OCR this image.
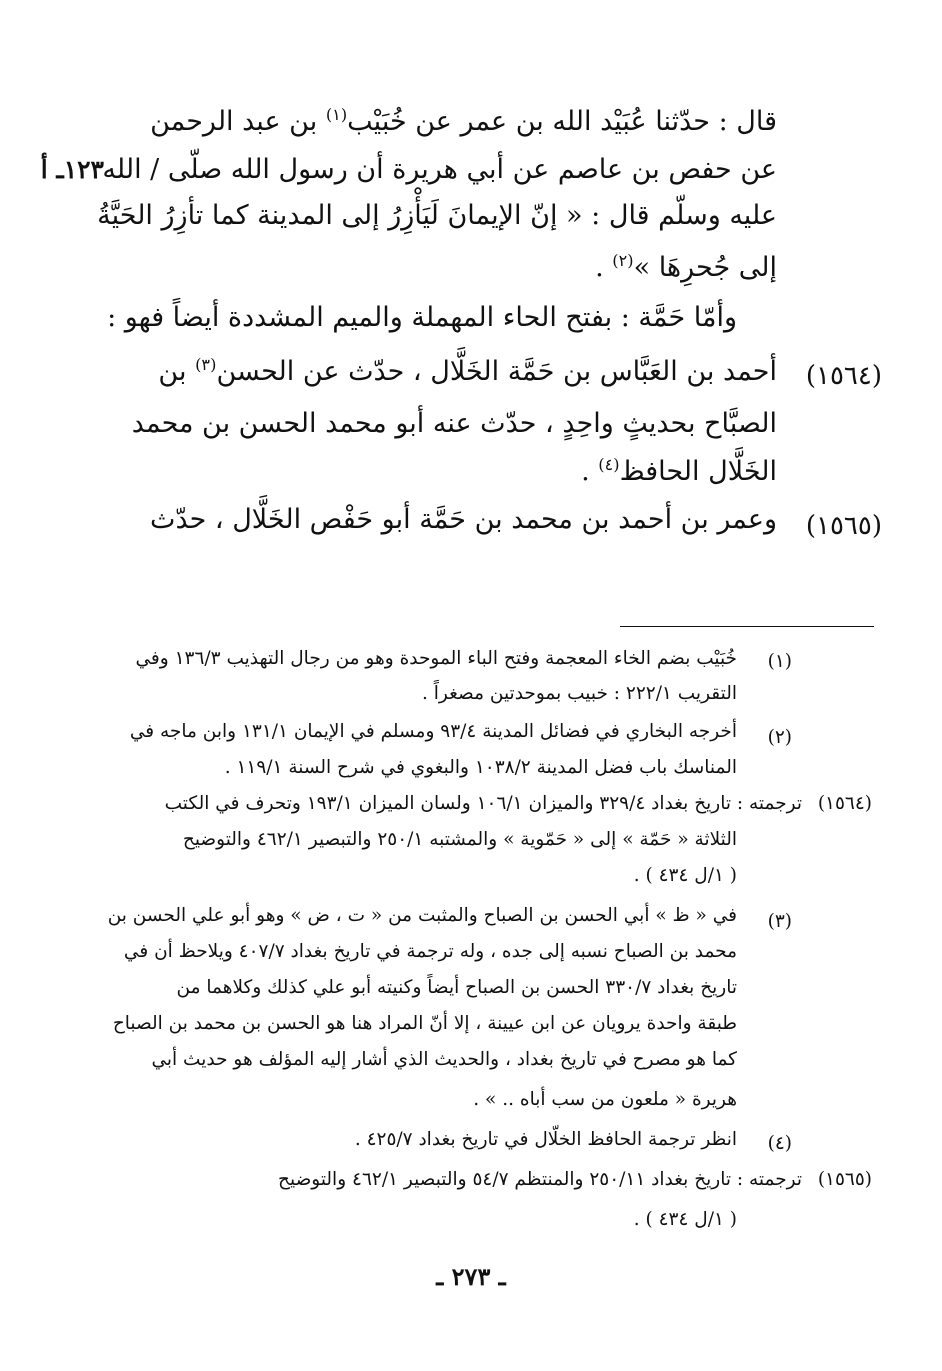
قال : حدّثنا عُبَيْد الله بن عمر عن خُبَيْب$^{(١)}$ بن عبد الرحمن
عن حفص بن عاصم عن أبي هريرة أن رسول الله صلّى / الله
١٢٣ـ أ
عليه وسلّم قال : « إنّ الإيمانَ لَيَأْزِرُ إلى المدينة كما تأزِرُ الحَيَّةُ
إلى جُحرِهَا »$^{(٢)}$ .
وأمّا حَمَّة : بفتح الحاء المهملة والميم المشددة أيضاً فهو :
(١٥٦٤)
أحمد بن العَبَّاس بن حَمَّة الخَلَّال ، حدّث عن الحسن$^{(٣)}$ بن
الصبَّاح بحديثٍ واحِدٍ ، حدّث عنه أبو محمد الحسن بن محمد
الخَلَّال الحافظ$^{(٤)}$ .
(١٥٦٥)
وعمر بن أحمد بن محمد بن حَمَّة أبو حَفْص الخَلَّال ، حدّث
(١)
خُبَيْب بضم الخاء المعجمة وفتح الباء الموحدة وهو من رجال التهذيب ١٣٦/٣ وفي
التقريب ٢٢٢/١ : خبيب بموحدتين مصغراً .
(٢)
أخرجه البخاري في فضائل المدينة ٩٣/٤ ومسلم في الإيمان ١٣١/١ وابن ماجه في
المناسك باب فضل المدينة ١٠٣٨/٢ والبغوي في شرح السنة ١١٩/١ .
(١٥٦٤)
ترجمته : تاريخ بغداد ٣٢٩/٤ والميزان ١٠٦/١ ولسان الميزان ١٩٣/١ وتحرف في الكتب
الثلاثة « حَمّة » إلى « حَمّوية » والمشتبه ٢٥٠/١ والتبصير ٤٦٢/١ والتوضيح
( ١/ل ٤٣٤ ) .
(٣)
في « ظ » أبي الحسن بن الصباح والمثبت من « ت ، ض » وهو أبو علي الحسن بن
محمد بن الصباح نسبه إلى جده ، وله ترجمة في تاريخ بغداد ٤٠٧/٧ ويلاحظ أن في
تاريخ بغداد ٣٣٠/٧ الحسن بن الصباح أيضاً وكنيته أبو علي كذلك وكلاهما من
طبقة واحدة يرويان عن ابن عيينة ، إلا أنّ المراد هنا هو الحسن بن محمد بن الصباح
كما هو مصرح في تاريخ بغداد ، والحديث الذي أشار إليه المؤلف هو حديث أبي
هريرة « ملعون من سب أباه .. » .
(٤)
انظر ترجمة الحافظ الخلّال في تاريخ بغداد ٤٢٥/٧ .
(١٥٦٥)
ترجمته : تاريخ بغداد ٢٥٠/١١ والمنتظم ٥٤/٧ والتبصير ٤٦٢/١ والتوضيح
( ١/ل ٤٣٤ ) .
ـ ٢٧٣ ـ
